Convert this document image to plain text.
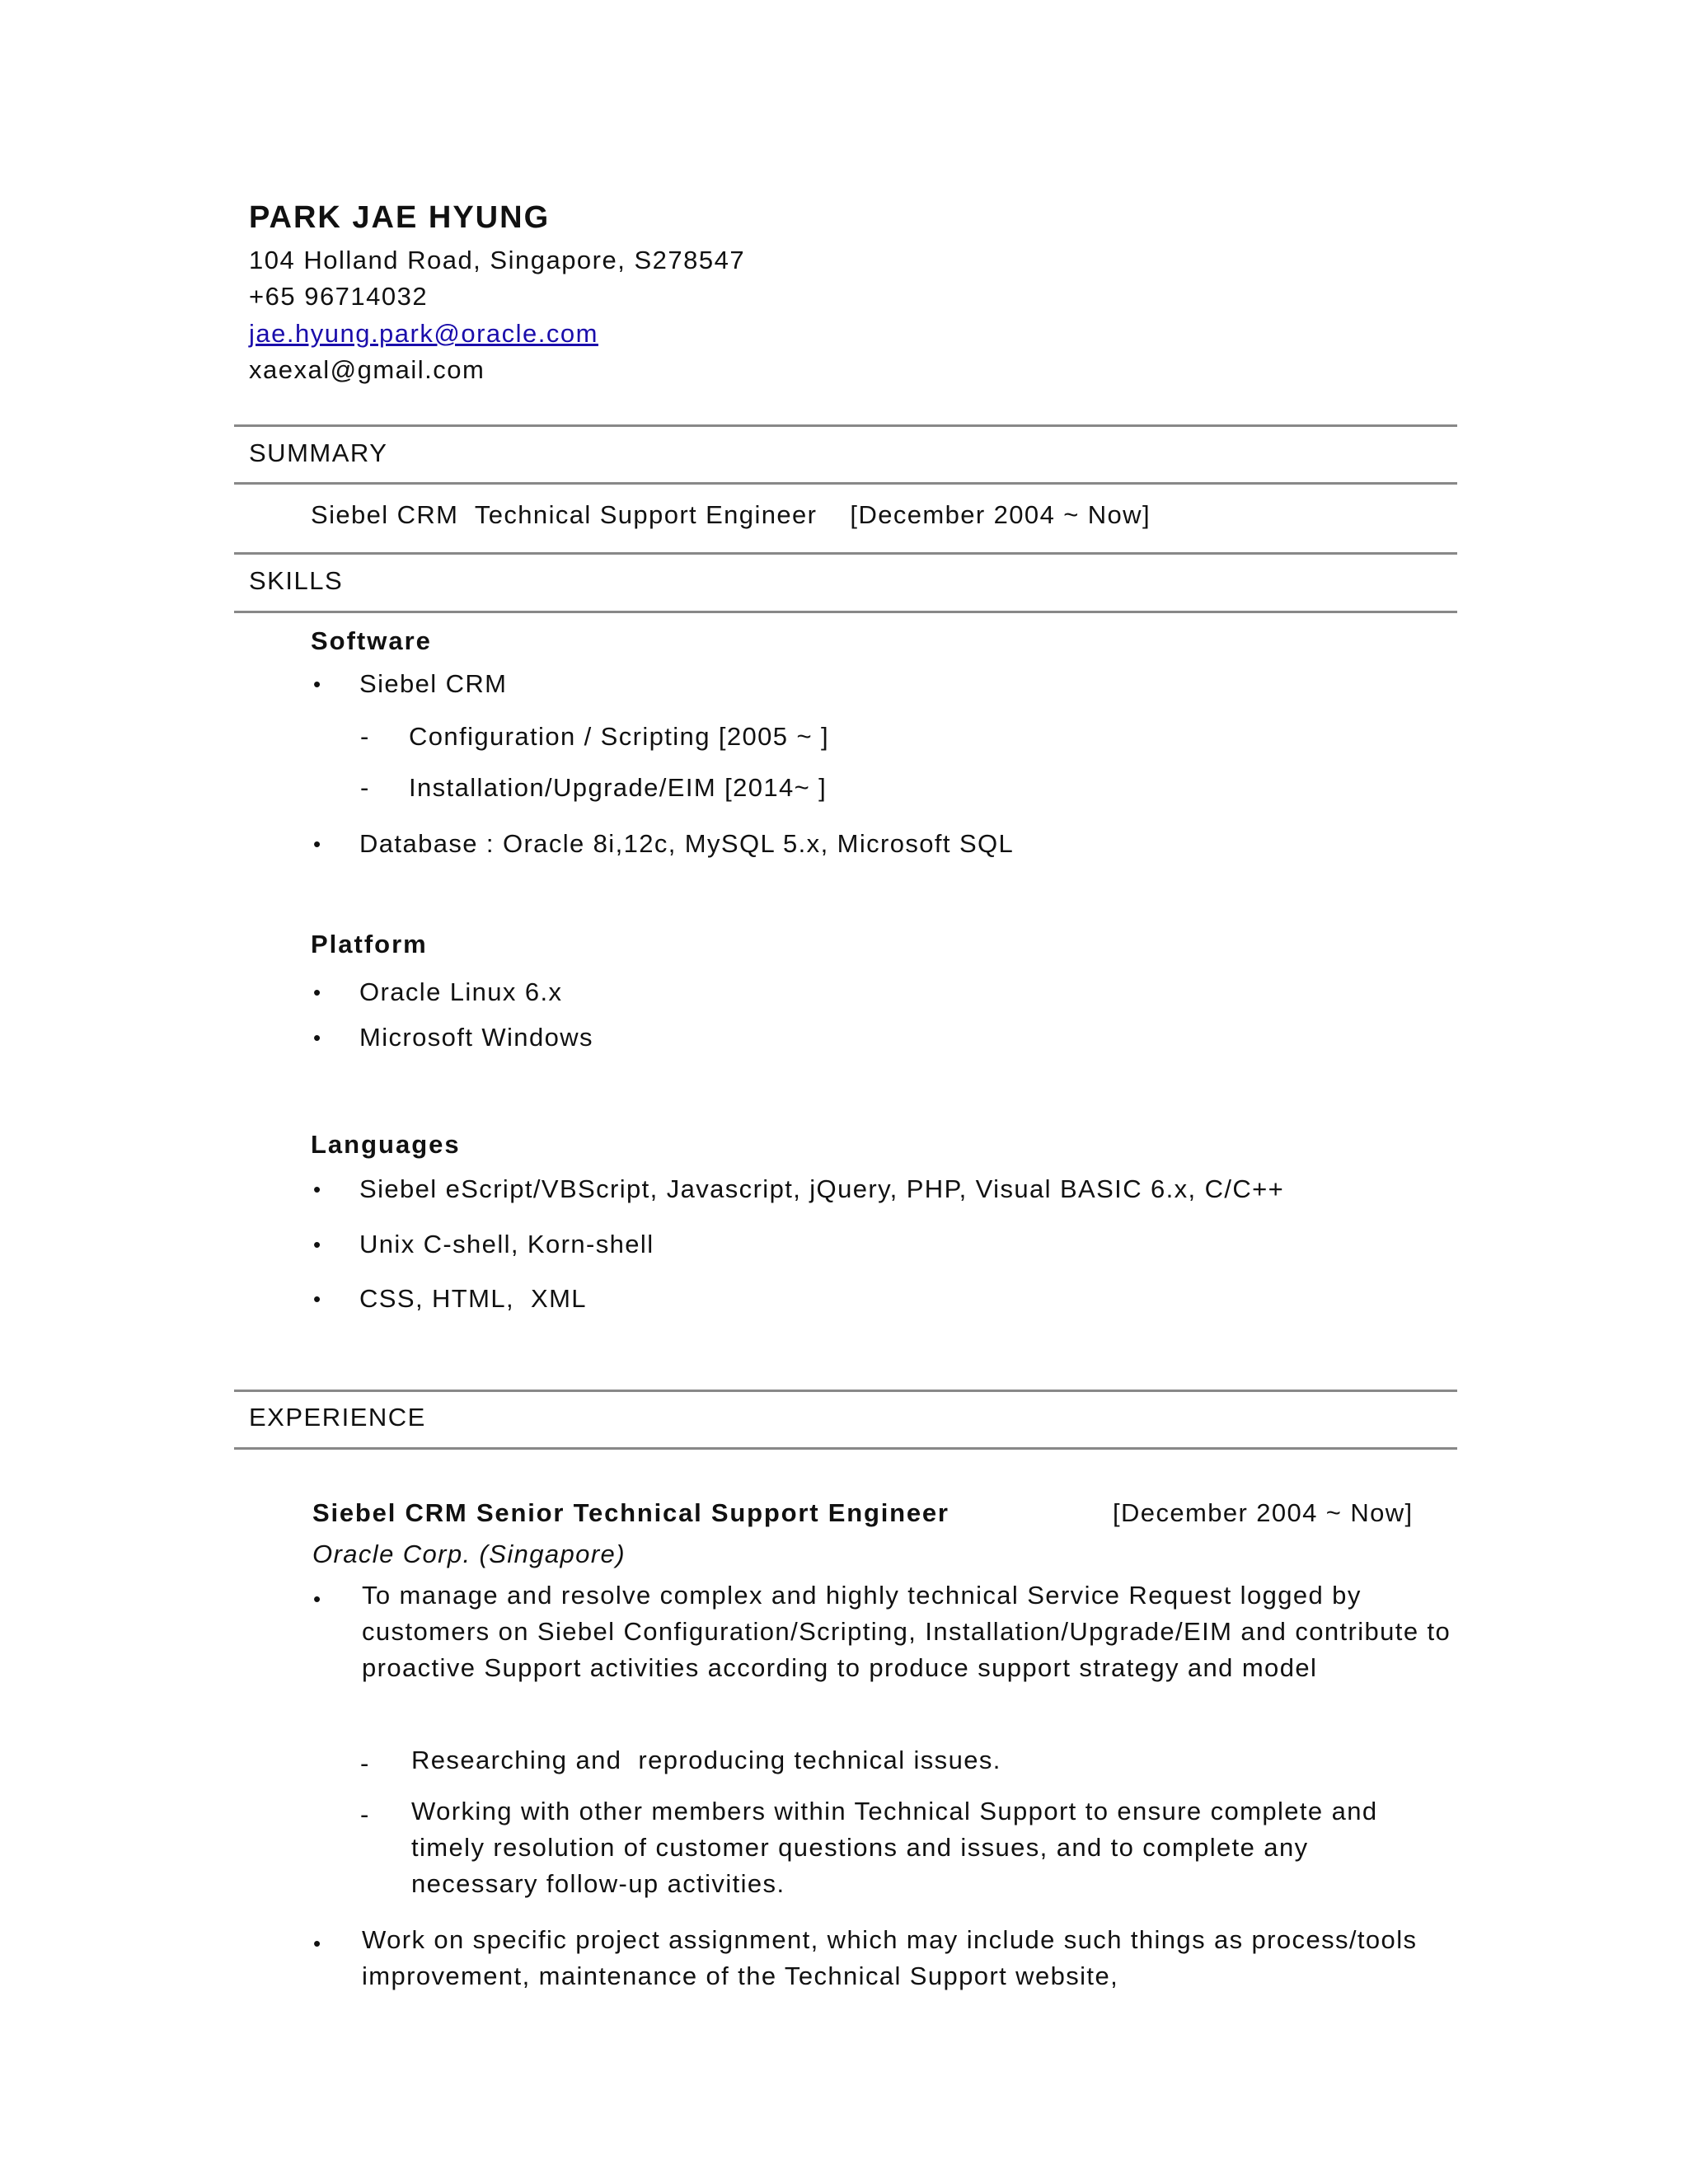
PARK JAE HYUNG
104 Holland Road, Singapore, S278547
+65 96714032
jae.hyung.park@oracle.com
xaexal@gmail.com
SUMMARY
Siebel CRM  Technical Support Engineer    [December 2004 ~ Now]
SKILLS
Software
• Siebel CRM
- Configuration / Scripting [2005 ~ ]
- Installation/Upgrade/EIM [2014~ ]
• Database : Oracle 8i,12c, MySQL 5.x, Microsoft SQL
Platform
• Oracle Linux 6.x
• Microsoft Windows
Languages
• Siebel eScript/VBScript, Javascript, jQuery, PHP, Visual BASIC 6.x, C/C++
• Unix C-shell, Korn-shell
• CSS, HTML,  XML
EXPERIENCE
Siebel CRM Senior Technical Support Engineer	[December 2004 ~ Now]
Oracle Corp. (Singapore)
• To manage and resolve complex and highly technical Service Request logged by customers on Siebel Configuration/Scripting, Installation/Upgrade/EIM and contribute to proactive Support activities according to produce support strategy and model
- Researching and  reproducing technical issues.
- Working with other members within Technical Support to ensure complete and timely resolution of customer questions and issues, and to complete any necessary follow-up activities.
• Work on specific project assignment, which may include such things as process/tools improvement, maintenance of the Technical Support website,
